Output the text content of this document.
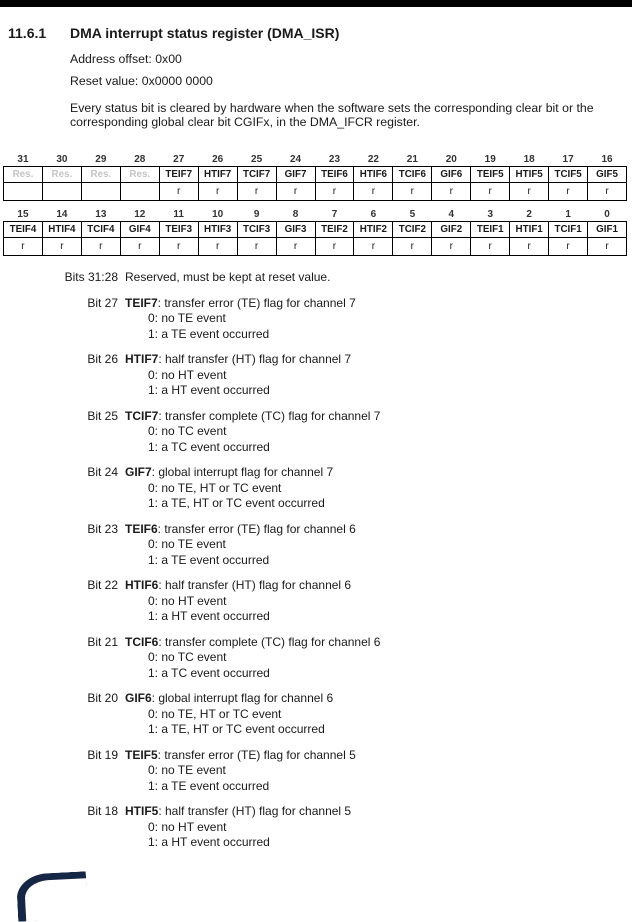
11.6.1	DMA interrupt status register (DMA_ISR)

Address offset: 0x00

Reset value: 0x0000 0000

Every status bit is cleared by hardware when the software sets the corresponding clear bit or the corresponding global clear bit CGIFx, in the DMA_IFCR register.

31	30	29	28	27	26	25	24	23	22	21	20	19	18	17	16
Res.	Res.	Res.	Res.	TEIF7	HTIF7	TCIF7	GIF7	TEIF6	HTIF6	TCIF6	GIF6	TEIF5	HTIF5	TCIF5	GIF5
				r	r	r	r	r	r	r	r	r	r	r	r
15	14	13	12	11	10	9	8	7	6	5	4	3	2	1	0
TEIF4	HTIF4	TCIF4	GIF4	TEIF3	HTIF3	TCIF3	GIF3	TEIF2	HTIF2	TCIF2	GIF2	TEIF1	HTIF1	TCIF1	GIF1
r	r	r	r	r	r	r	r	r	r	r	r	r	r	r	r
Bits 31:28 Reserved, must be kept at reset value.
Bit 27 TEIF7: transfer error (TE) flag for channel 7
0: no TE event
1: a TE event occurred
Bit 26 HTIF7: half transfer (HT) flag for channel 7
0: no HT event
1: a HT event occurred
Bit 25 TCIF7: transfer complete (TC) flag for channel 7
0: no TC event
1: a TC event occurred
Bit 24 GIF7: global interrupt flag for channel 7
0: no TE, HT or TC event
1: a TE, HT or TC event occurred
Bit 23 TEIF6: transfer error (TE) flag for channel 6
0: no TE event
1: a TE event occurred
Bit 22 HTIF6: half transfer (HT) flag for channel 6
0: no HT event
1: a HT event occurred
Bit 21 TCIF6: transfer complete (TC) flag for channel 6
0: no TC event
1: a TC event occurred
Bit 20 GIF6: global interrupt flag for channel 6
0: no TE, HT or TC event
1: a TE, HT or TC event occurred
Bit 19 TEIF5: transfer error (TE) flag for channel 5
0: no TE event
1: a TE event occurred
Bit 18 HTIF5: half transfer (HT) flag for channel 5
0: no HT event
1: a HT event occurred
